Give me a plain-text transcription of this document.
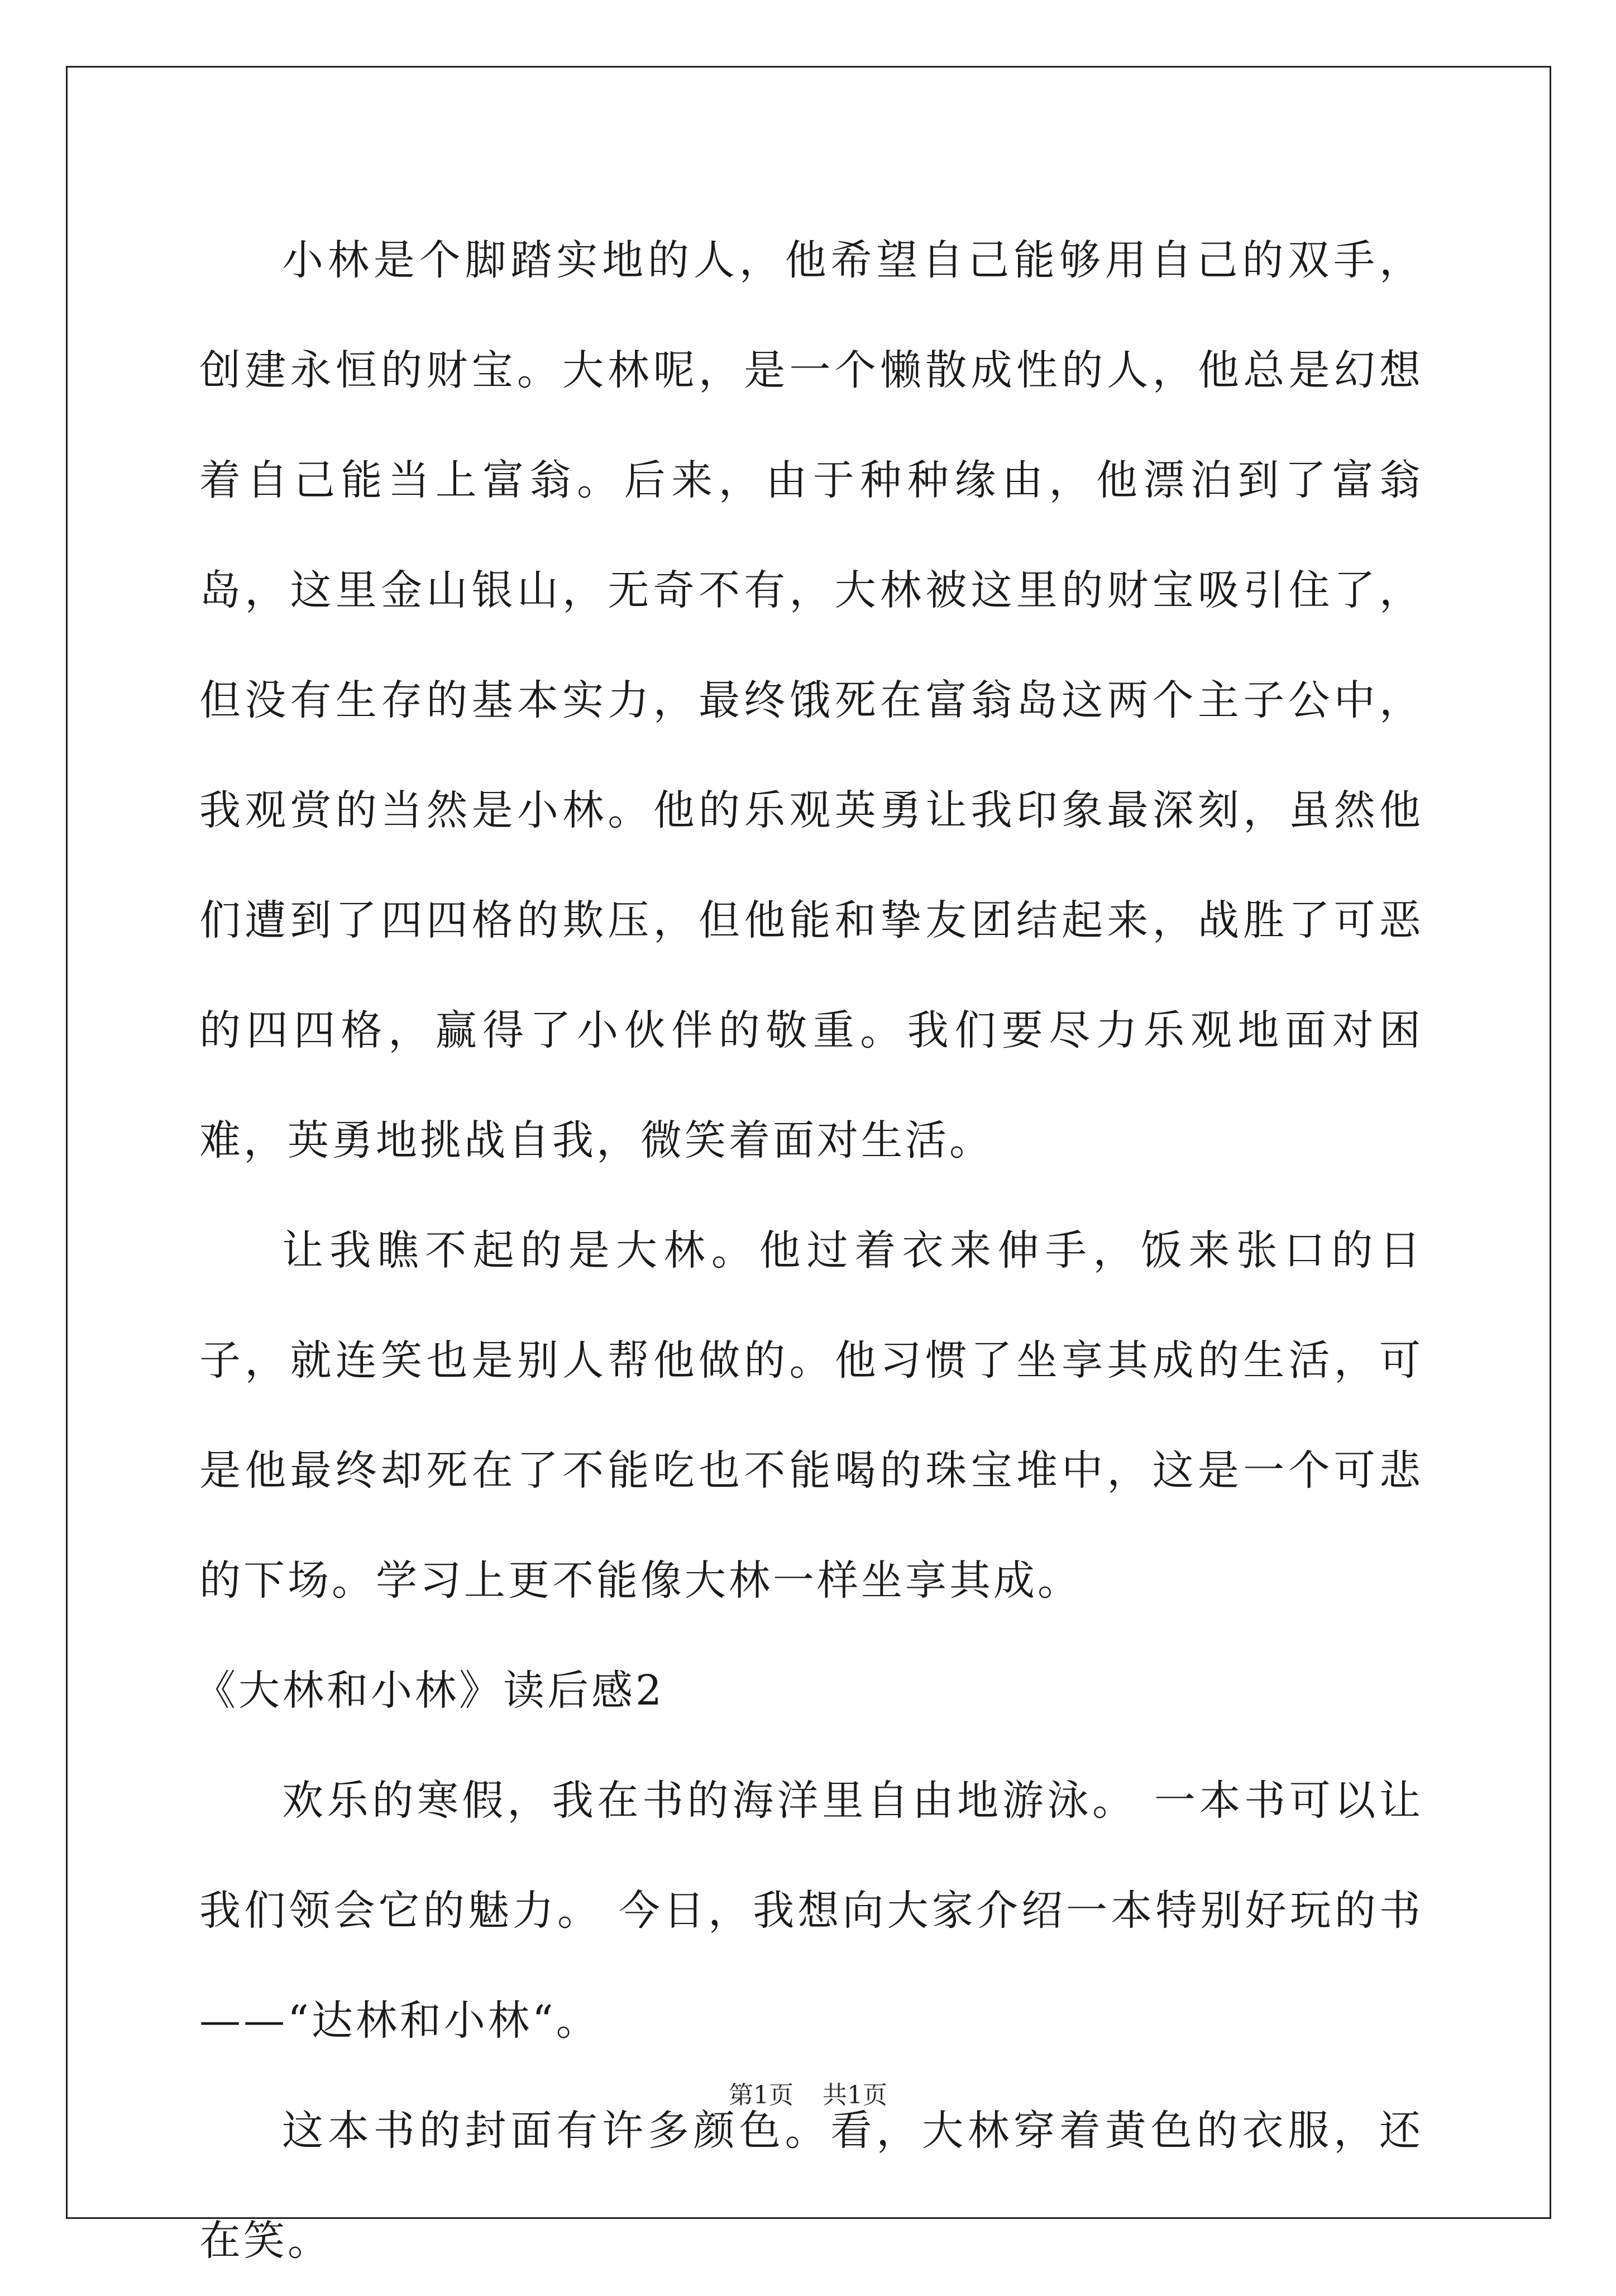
小林是个脚踏实地的人，他希望自己能够用自己的双手，创建永恒的财宝。大林呢，是一个懒散成性的人，他总是幻想着自己能当上富翁。后来，由于种种缘由，他漂泊到了富翁岛，这里金山银山，无奇不有，大林被这里的财宝吸引住了，但没有生存的基本实力，最终饿死在富翁岛这两个主子公中，我观赏的当然是小林。他的乐观英勇让我印象最深刻，虽然他们遭到了四四格的欺压，但他能和挚友团结起来，战胜了可恶的四四格，赢得了小伙伴的敬重。我们要尽力乐观地面对困难，英勇地挑战自我，微笑着面对生活。

让我瞧不起的是大林。他过着衣来伸手，饭来张口的日子，就连笑也是别人帮他做的。他习惯了坐享其成的生活，可是他最终却死在了不能吃也不能喝的珠宝堆中，这是一个可悲的下场。学习上更不能像大林一样坐享其成。

《大林和小林》读后感2

欢乐的寒假，我在书的海洋里自由地游泳。 一本书可以让我们领会它的魅力。 今日，我想向大家介绍一本特别好玩的书——“达林和小林“。

这本书的封面有许多颜色。看，大林穿着黄色的衣服，还在笑。

第1页 共1页
